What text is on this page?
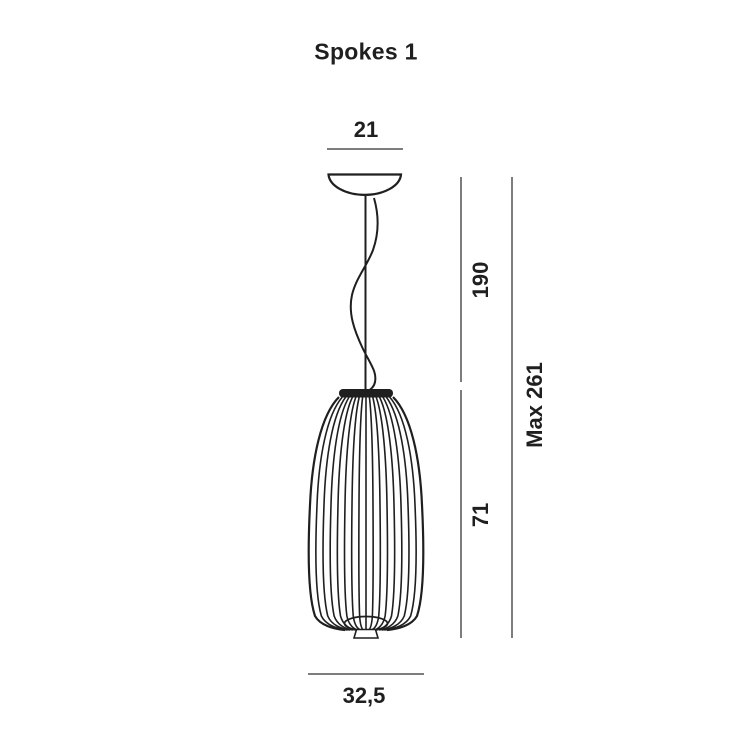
Spokes 1
21
190
71
Max 261
32,5
